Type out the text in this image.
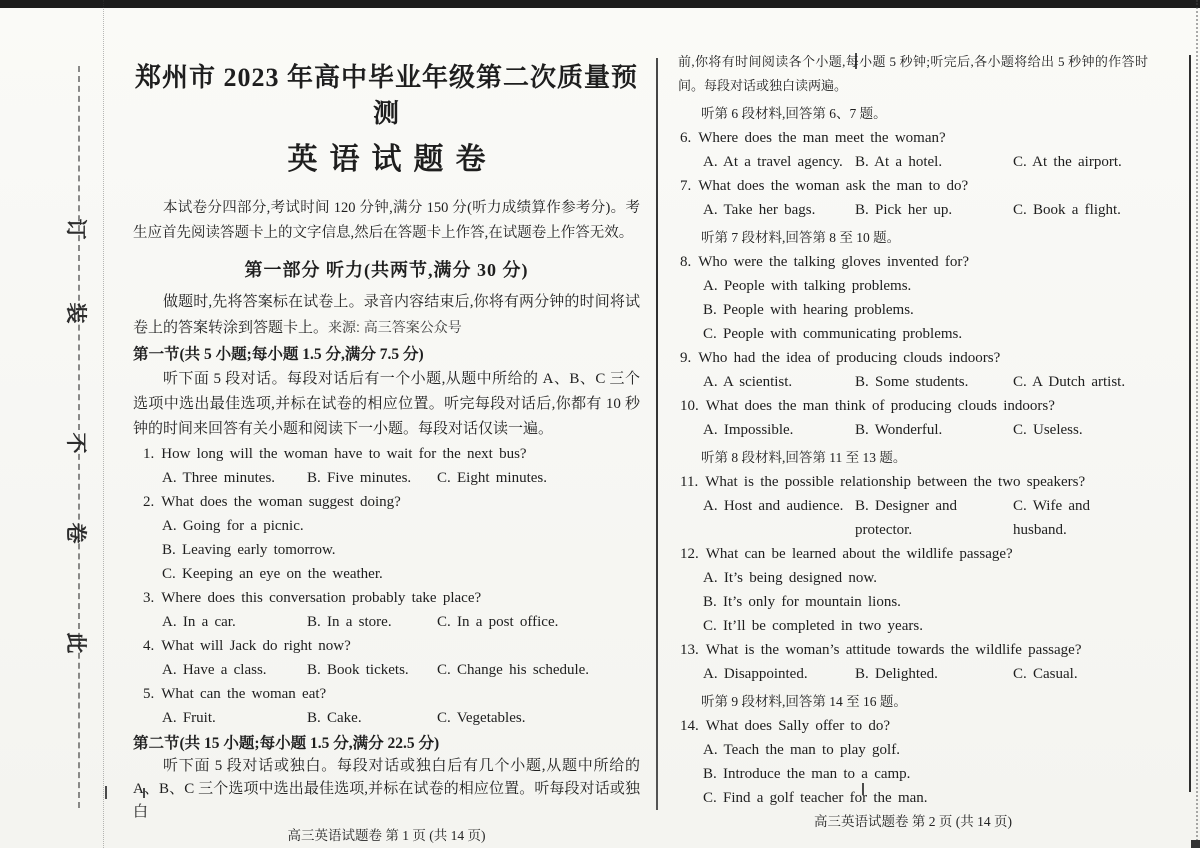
订
装
不
卷
此
郑州市 2023 年高中毕业年级第二次质量预测
英语试题卷

本试卷分四部分,考试时间 120 分钟,满分 150 分(听力成绩算作参考分)。考生应首先阅读答题卡上的文字信息,然后在答题卡上作答,在试题卷上作答无效。

第一部分 听力(共两节,满分 30 分)

做题时,先将答案标在试卷上。录音内容结束后,你将有两分钟的时间将试卷上的答案转涂到答题卡上。来源: 高三答案公众号

第一节(共 5 小题;每小题 1.5 分,满分 7.5 分)

听下面 5 段对话。每段对话后有一个小题,从题中所给的 A、B、C 三个选项中选出最佳选项,并标在试卷的相应位置。听完每段对话后,你都有 10 秒钟的时间来回答有关小题和阅读下一小题。每段对话仅读一遍。

1. How long will the woman have to wait for the next bus?
A. Three minutes.	B. Five minutes.	C. Eight minutes.
2. What does the woman suggest doing?
A. Going for a picnic.
B. Leaving early tomorrow.
C. Keeping an eye on the weather.
3. Where does this conversation probably take place?
A. In a car.	B. In a store.	C. In a post office.
4. What will Jack do right now?
A. Have a class.	B. Book tickets.	C. Change his schedule.
5. What can the woman eat?
A. Fruit.	B. Cake.	C. Vegetables.
第二节(共 15 小题;每小题 1.5 分,满分 22.5 分)

听下面 5 段对话或独白。每段对话或独白后有几个小题,从题中所给的 A、B、C 三个选项中选出最佳选项,并标在试卷的相应位置。听每段对话或独白

高三英语试题卷 第 1 页 (共 14 页)

前,你将有时间阅读各个小题,每小题 5 秒钟;听完后,各小题将给出 5 秒钟的作答时间。每段对话或独白读两遍。

听第 6 段材料,回答第 6、7 题。
6. Where does the man meet the woman?
A. At a travel agency. B. At a hotel.	C. At the airport.
7. What does the woman ask the man to do?
A. Take her bags.	B. Pick her up.	C. Book a flight.
听第 7 段材料,回答第 8 至 10 题。
8. Who were the talking gloves invented for?
A. People with talking problems.
B. People with hearing problems.
C. People with communicating problems.
9. Who had the idea of producing clouds indoors?
A. A scientist.	B. Some students.	C. A Dutch artist.
10. What does the man think of producing clouds indoors?
A. Impossible.	B. Wonderful.	C. Useless.
听第 8 段材料,回答第 11 至 13 题。
11. What is the possible relationship between the two speakers?
A. Host and audience. B. Designer and protector.
C. Wife and husband.
12. What can be learned about the wildlife passage?
A. It’s being designed now.
B. It’s only for mountain lions.
C. It’ll be completed in two years.
13. What is the woman’s attitude towards the wildlife passage?
A. Disappointed.	B. Delighted.	C. Casual.
听第 9 段材料,回答第 14 至 16 题。
14. What does Sally offer to do?
A. Teach the man to play golf.
B. Introduce the man to a camp.
C. Find a golf teacher for the man.
高三英语试题卷 第 2 页 (共 14 页)
